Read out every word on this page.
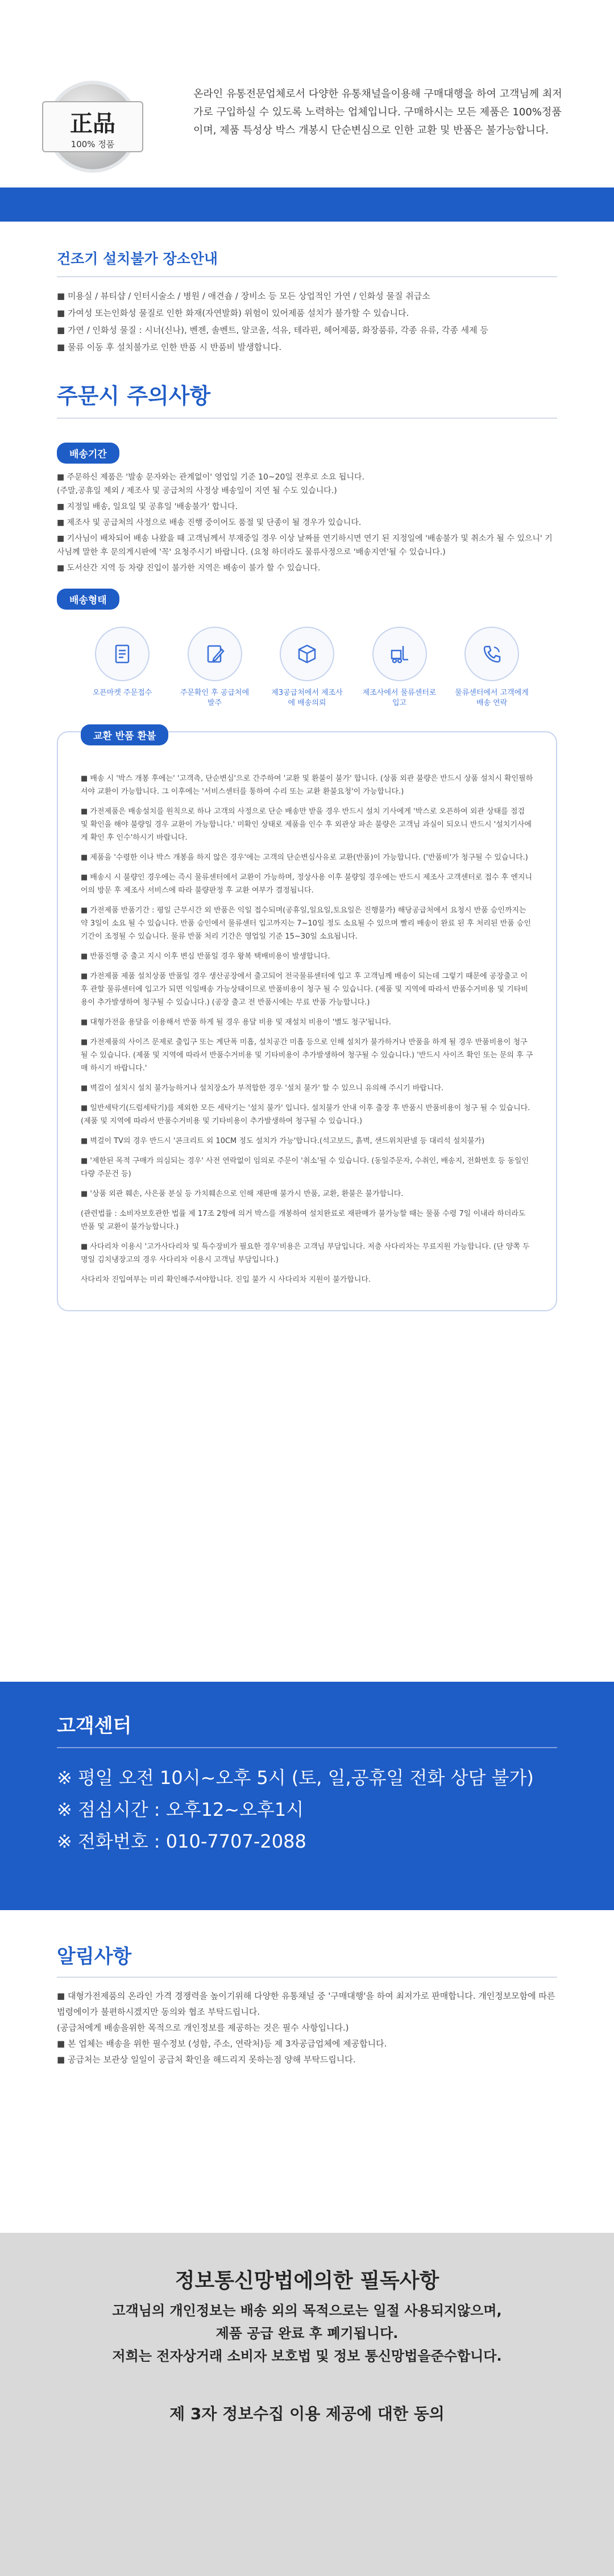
正品
100% 정품

온라인 유통전문업체로서 다양한 유통채널을이용해 구매대행을 하여 고객님께 최저가로 구입하실 수 있도록 노력하는 업체입니다. 구매하시는 모든 제품은 100%정품이며, 제품 특성상 박스 개봉시 단순변심으로 인한 교환 및 반품은 불가능합니다.

건조기 설치불가 장소안내

■ 미용실 / 뷰티샵 / 인터시술소 / 병원 / 애견숍 / 장비소 등 모든 상업적인 가연 / 인화성 물질 취급소

■ 가여성 또는인화성 물질로 인한 화재(자연발화) 위험이 있어제품 설치가 불가할 수 있습니다.

■ 가연 / 인화성 물질 : 시너(신나), 벤젠, 솔벤트, 알코올, 석유, 테라핀, 헤어제품, 화장품류, 각종 유류, 각종 세제 등

■ 물류 이동 후 설치불가로 인한 반품 시 반품비 발생합니다.

주문시 주의사항
배송기간

■ 주문하신 제품은 '발송 문자와는 관계없이' 영업일 기준 10~20일 전후로 소요 됩니다.

(주말,공휴일 제외 / 제조사 및 공급처의 사정상 배송일이 지연 될 수도 있습니다.)

■ 지정일 배송, 일요일 및 공휴일 '배송불가' 합니다.

■ 제조사 및 공급처의 사정으로 배송 진행 중이어도 품절 및 단종이 될 경우가 있습니다.

■ 기사님이 배차되어 배송 나왔을 때 고객님께서 부재중일 경우 이상 날짜를 연기하시면 연기 된 지정일에 '배송불가 및 취소가 될 수 있으니' 기사님께 말한 후 문의게시판에 '꼭' 요청주시기 바랍니다. (요청 하더라도 물류사정으로 '배송지연'될 수 있습니다.)

■ 도서산간 지역 등 차량 진입이 불가한 지역은 배송이 불가 할 수 있습니다.

배송형태
오픈마켓 주문접수	주문확인 후 공급처에 발주
제3공급처에서 제조사에 배송의뢰
제조사에서 물류센터로 입고
물류센터에서 고객에게 배송 연락
교환 반품 환불

■ 배송 시 '박스 개봉 후에는' '고객측, 단순변심'으로 간주하여 '교환 및 환불이 불가' 합니다. (상품 외관 불량은 반드시 상품 설치시 확인필하셔야 교환이 가능합니다. 그 이후에는 '서비스센터를 통하여 수리 또는 교환 환불요청'이 가능합니다.)

■ 가전제품은 배송설치를 원칙으로 하나 고객의 사정으로 단순 배송만 받을 경우 반드시 설치 기사에게 '박스로 오픈하여 외관 상태를 점검 및 확인을 해야 불량일 경우 교환이 가능합니다.' 미확인 상태로 제품을 인수 후 외관상 파손 불량은 고객님 과실이 되오니 반드시 '설치기사에게 확인 후 인수'하시기 바랍니다.

■ 제품을 '수령한 이나 박스 개봉을 하지 않은 경우'에는 고객의 단순변심사유로 교환(반품)이 가능합니다. ('반품비'가 청구될 수 있습니다.)

■ 배송시 시 불량인 경우에는 즉시 물류센터에서 교환이 가능하며, 정상사용 이후 불량일 경우에는 반드시 제조사 고객센터로 접수 후 엔지니어의 방문 후 제조사 서비스에 따라 불량판정 후 교환 여부가 결정됩니다.

■ 가전제품 반품기간 : 평일 근무시간 외 반품은 익일 접수되며(공휴일,일요일,토요일은 진행불가) 해당공급처에서 요청시 반품 승인까지는 약 3일이 소요 될 수 있습니다. 반품 승인에서 물류센터 입고까지는 7~10일 정도 소요될 수 있으며 빨리 배송이 완료 된 후 처리된 반품 승인기간이 조정될 수 있습니다. 물류 반품 처리 기간은 영업일 기준 15~30일 소요됩니다.

■ 반품진행 중 출고 지시 이후 변심 반품일 경우 왕복 택배비용이 발생합니다.

■ 가전제품 제품 설치상품 반품일 경우 생산공장에서 출고되어 전국물류센터에 입고 후 고객님께 배송이 되는데 그렇기 때문에 공장출고 이후 관할 물류센터에 입고가 되면 익일배송 가능상태이므로 반품비용이 청구 될 수 있습니다. (제품 및 지역에 따라서 반품수거비용 및 기타비용이 추가발생하여 청구될 수 있습니다.) (공장 출고 전 반품시에는 무료 반품 가능합니다.)

■ 대형가전을 용달을 이용해서 반품 하게 될 경우 용달 비용 및 재설치 비용이 '별도 청구'됩니다.

■ 가전제품의 사이즈 문제로 출입구 또는 계단폭 미흡, 설치공간 미흡 등으로 인해 설치가 불가하거나 반품을 하게 될 경우 반품비용이 청구 될 수 있습니다. (제품 및 지역에 따라서 반품수거비용 및 기타비용이 추가발생하여 청구될 수 있습니다.) '반드시 사이즈 확인 또는 문의 후 구매 하시기 바랍니다.'

■ 벽걸이 설치시 설치 불가능하거나 설치장소가 부적합한 경우 '설치 불가' 할 수 있으니 유의해 주시기 바랍니다.

■ 일반세탁기(드럼세탁기)를 제외한 모든 세탁기는 '설치 불가' 입니다. 설치불가 안내 이후 출장 후 반품시 반품비용이 청구 될 수 있습니다. (제품 및 지역에 따라서 반품수거비용 및 기타비용이 추가발생하여 청구될 수 있습니다.)

■ 벽걸이 TV의 경우 반드시 '콘크리트 외 10CM 정도 설치가 가능'합니다.(석고보드, 흙벽, 샌드위치판넬 등 대리석 설치불가)

■ '제한된 목적 구매가 의심되는 경우' 사전 연락없이 임의로 주문이 '취소'될 수 있습니다. (동일주문자, 수취인, 배송지, 전화번호 등 동일인 다량 주문건 등)

■ '상품 외관 훼손, 사은품 분실 등 가치훼손으로 인해 재판매 불가시 반품, 교환, 환불은 불가합니다.

(관련법률 : 소비자보호관한 법률 제 17조 2항에 의거 박스를 개봉하여 설치완료로 재판매가 불가능할 때는 물품 수령 7일 이내라 하더라도 반품 및 교환이 불가능합니다.)

■ 사다리차 이용시 '고가사다리차 및 특수장비가 필요한 경우'비용은 고객님 부담입니다. 저층 사다리차는 무료지원 가능합니다. (단 양쪽 두명일 김치냉장고의 경우 사다리차 이용시 고객님 부담입니다.)

사다리차 진입여부는 미리 확인해주셔야합니다. 진입 불가 시 사다리차 지원이 불가합니다.

고객센터
※ 평일 오전 10시~오후 5시 (토, 일,공휴일 전화 상담 불가)
※ 점심시간 : 오후12~오후1시
※ 전화번호 : 010-7707-2088
알림사항

■ 대형가전제품의 온라인 가격 경쟁력을 높이기위해 다양한 유통채널 중 '구매대행'을 하여 최저가로 판매합니다. 개인정보모함에 따른법령에이가 불편하시겠지만 동의와 협조 부탁드립니다.

(공급처에게 배송을위한 목적으로 개인정보를 제공하는 것은 필수 사항입니다.)

■ 본 업체는 배송을 위한 필수정보 (성함, 주소, 연락처)등 제 3자공급업체에 제공합니다.

■ 공급처는 보관상 일일이 공급처 확인을 해드리지 못하는점 양해 부탁드립니다.

정보통신망법에의한 필독사항
고객님의 개인정보는 배송 외의 목적으로는 일절 사용되지않으며,
제품 공급 완료 후 폐기됩니다.
저희는 전자상거래 소비자 보호법 및 정보 통신망법을준수합니다.
제 3자 정보수집 이용 제공에 대한 동의
